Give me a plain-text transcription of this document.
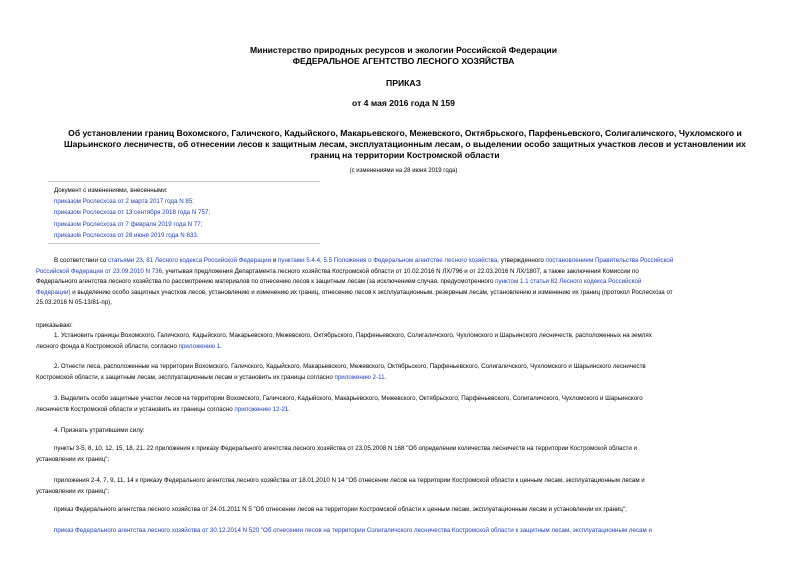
Министерство природных ресурсов и экологии Российской Федерации
ФЕДЕРАЛЬНОЕ АГЕНТСТВО ЛЕСНОГО ХОЗЯЙСТВА
ПРИКАЗ
от 4 мая 2016 года N 159
Об установлении границ Вохомского, Галичского, Кадыйского, Макарьевского, Межевского, Октябрьского, Парфеньевского, Солигаличского, Чухломского и
Шарьинского лесничеств, об отнесении лесов к защитным лесам, эксплуатационным лесам, о выделении особо защитных участков лесов и установлении их
границ на территории Костромской области
(с изменениями на 28 июня 2019 года)
Документ с изменениями, внесенными:
приказом Рослесхоза от 2 марта 2017 года N 85;
приказом Рослесхоза от 13 сентября 2018 года N 757;
приказом Рослесхоза от 7 февраля 2019 года N 77;
приказом Рослесхоза от 28 июня 2019 года N 833.
В соответствии со статьями 23, 81 Лесного кодекса Российской Федерации и пунктами 5.4.4, 5.5 Положения о Федеральном агентстве лесного хозяйства, утвержденного постановлением Правительства Российской
Российской Федерации от 23.09.2010 N 736, учитывая предложения Департамента лесного хозяйства Костромской области от 10.02.2016 N ЛХ/796 и от 22.03.2016 N ЛХ/1807, а также заключения Комиссии по
Федерального агентства лесного хозяйства по рассмотрению материалов по отнесению лесов к защитным лесам (за исключением случая, предусмотренного пунктом 1.1 статьи 82 Лесного кодекса Российской
Федерации) и выделению особо защитных участков лесов, установлению и изменению их границ, отнесению лесов к эксплуатационным, резервным лесам, установлению и изменению их границ (протокол Рослесхоза от
25.03.2016 N 05-13/81-пр),
приказываю:
1. Установить границы Вохомского, Галичского, Кадыйского, Макарьевского, Межевского, Октябрьского, Парфеньевского, Солигаличского, Чухломского и Шарьинского лесничеств, расположенных на землях
лесного фонда в Костромской области, согласно приложению 1.
2. Отнести леса, расположенные на территории Вохомского, Галичского, Кадыйского, Макарьевского, Межевского, Октябрьского, Парфеньевского, Солигаличского, Чухломского и Шарьинского лесничеств
Костромской области, к защитным лесам, эксплуатационным лесам и установить их границы согласно приложению 2-11.
3. Выделить особо защитные участки лесов на территории Вохомского, Галичского, Кадыйского, Макарьевского, Межевского, Октябрьского, Парфеньевского, Солигаличского, Чухломского и Шарьинского
лесничеств Костромской области и установить их границы согласно приложению 12-21.
4. Признать утратившими силу:
пункты 3-5, 8, 10, 12, 15, 18, 21, 22 приложения к приказу Федерального агентства лесного хозяйства от 23.05.2008 N 168 "Об определении количества лесничеств на территории Костромской области и
установлении их границ";
приложения 2-4, 7, 9, 11, 14 к приказу Федерального агентства лесного хозяйства от 18.01.2010 N 14 "Об отнесении лесов на территории Костромской области к ценным лесам, эксплуатационным лесам и
установлении их границ";
приказ Федерального агентства лесного хозяйства от 24.01.2011 N 5 "Об отнесении лесов на территории Костромской области к ценным лесам, эксплуатационным лесам и установлении их границ";
приказ Федерального агентства лесного хозяйства от 30.12.2014 N 520 "Об отнесении лесов на территории Солигаличского лесничества Костромской области к защитным лесам, эксплуатационным лесам и
